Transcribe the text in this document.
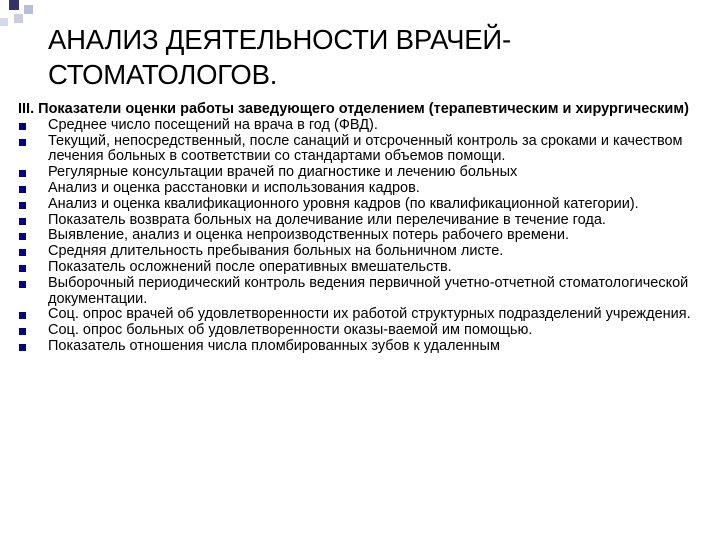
АНАЛИЗ ДЕЯТЕЛЬНОСТИ ВРАЧЕЙ-СТОМАТОЛОГОВ.

III. Показатели оценки работы заведующего отделением (терапевтическим и хирургическим)

Среднее число посещений на врача в год (ФВД).
Текущий, непосредственный, после санаций и отсроченный контроль за сроками и качеством лечения больных в соответствии со стандартами объемов помощи.
Регулярные консультации врачей по диагностике и лечению больных
Анализ и оценка расстановки и использования кадров.
Анализ и оценка квалификационного уровня кадров (по квалификационной категории).
Показатель возврата больных на долечивание или перелечивание в течение года.
Выявление, анализ и оценка непроизводственных потерь рабочего времени.
Средняя длительность пребывания больных на больничном листе.
Показатель осложнений после оперативных вмешательств.
Выборочный периодический контроль ведения первичной учетно-отчетной стоматологической документации.
Соц. опрос врачей об удовлетворенности их работой структурных подразделений учреждения.
Соц. опрос больных об удовлетворенности оказы-ваемой им помощью.
Показатель отношения числа пломбированных зубов к удаленным
